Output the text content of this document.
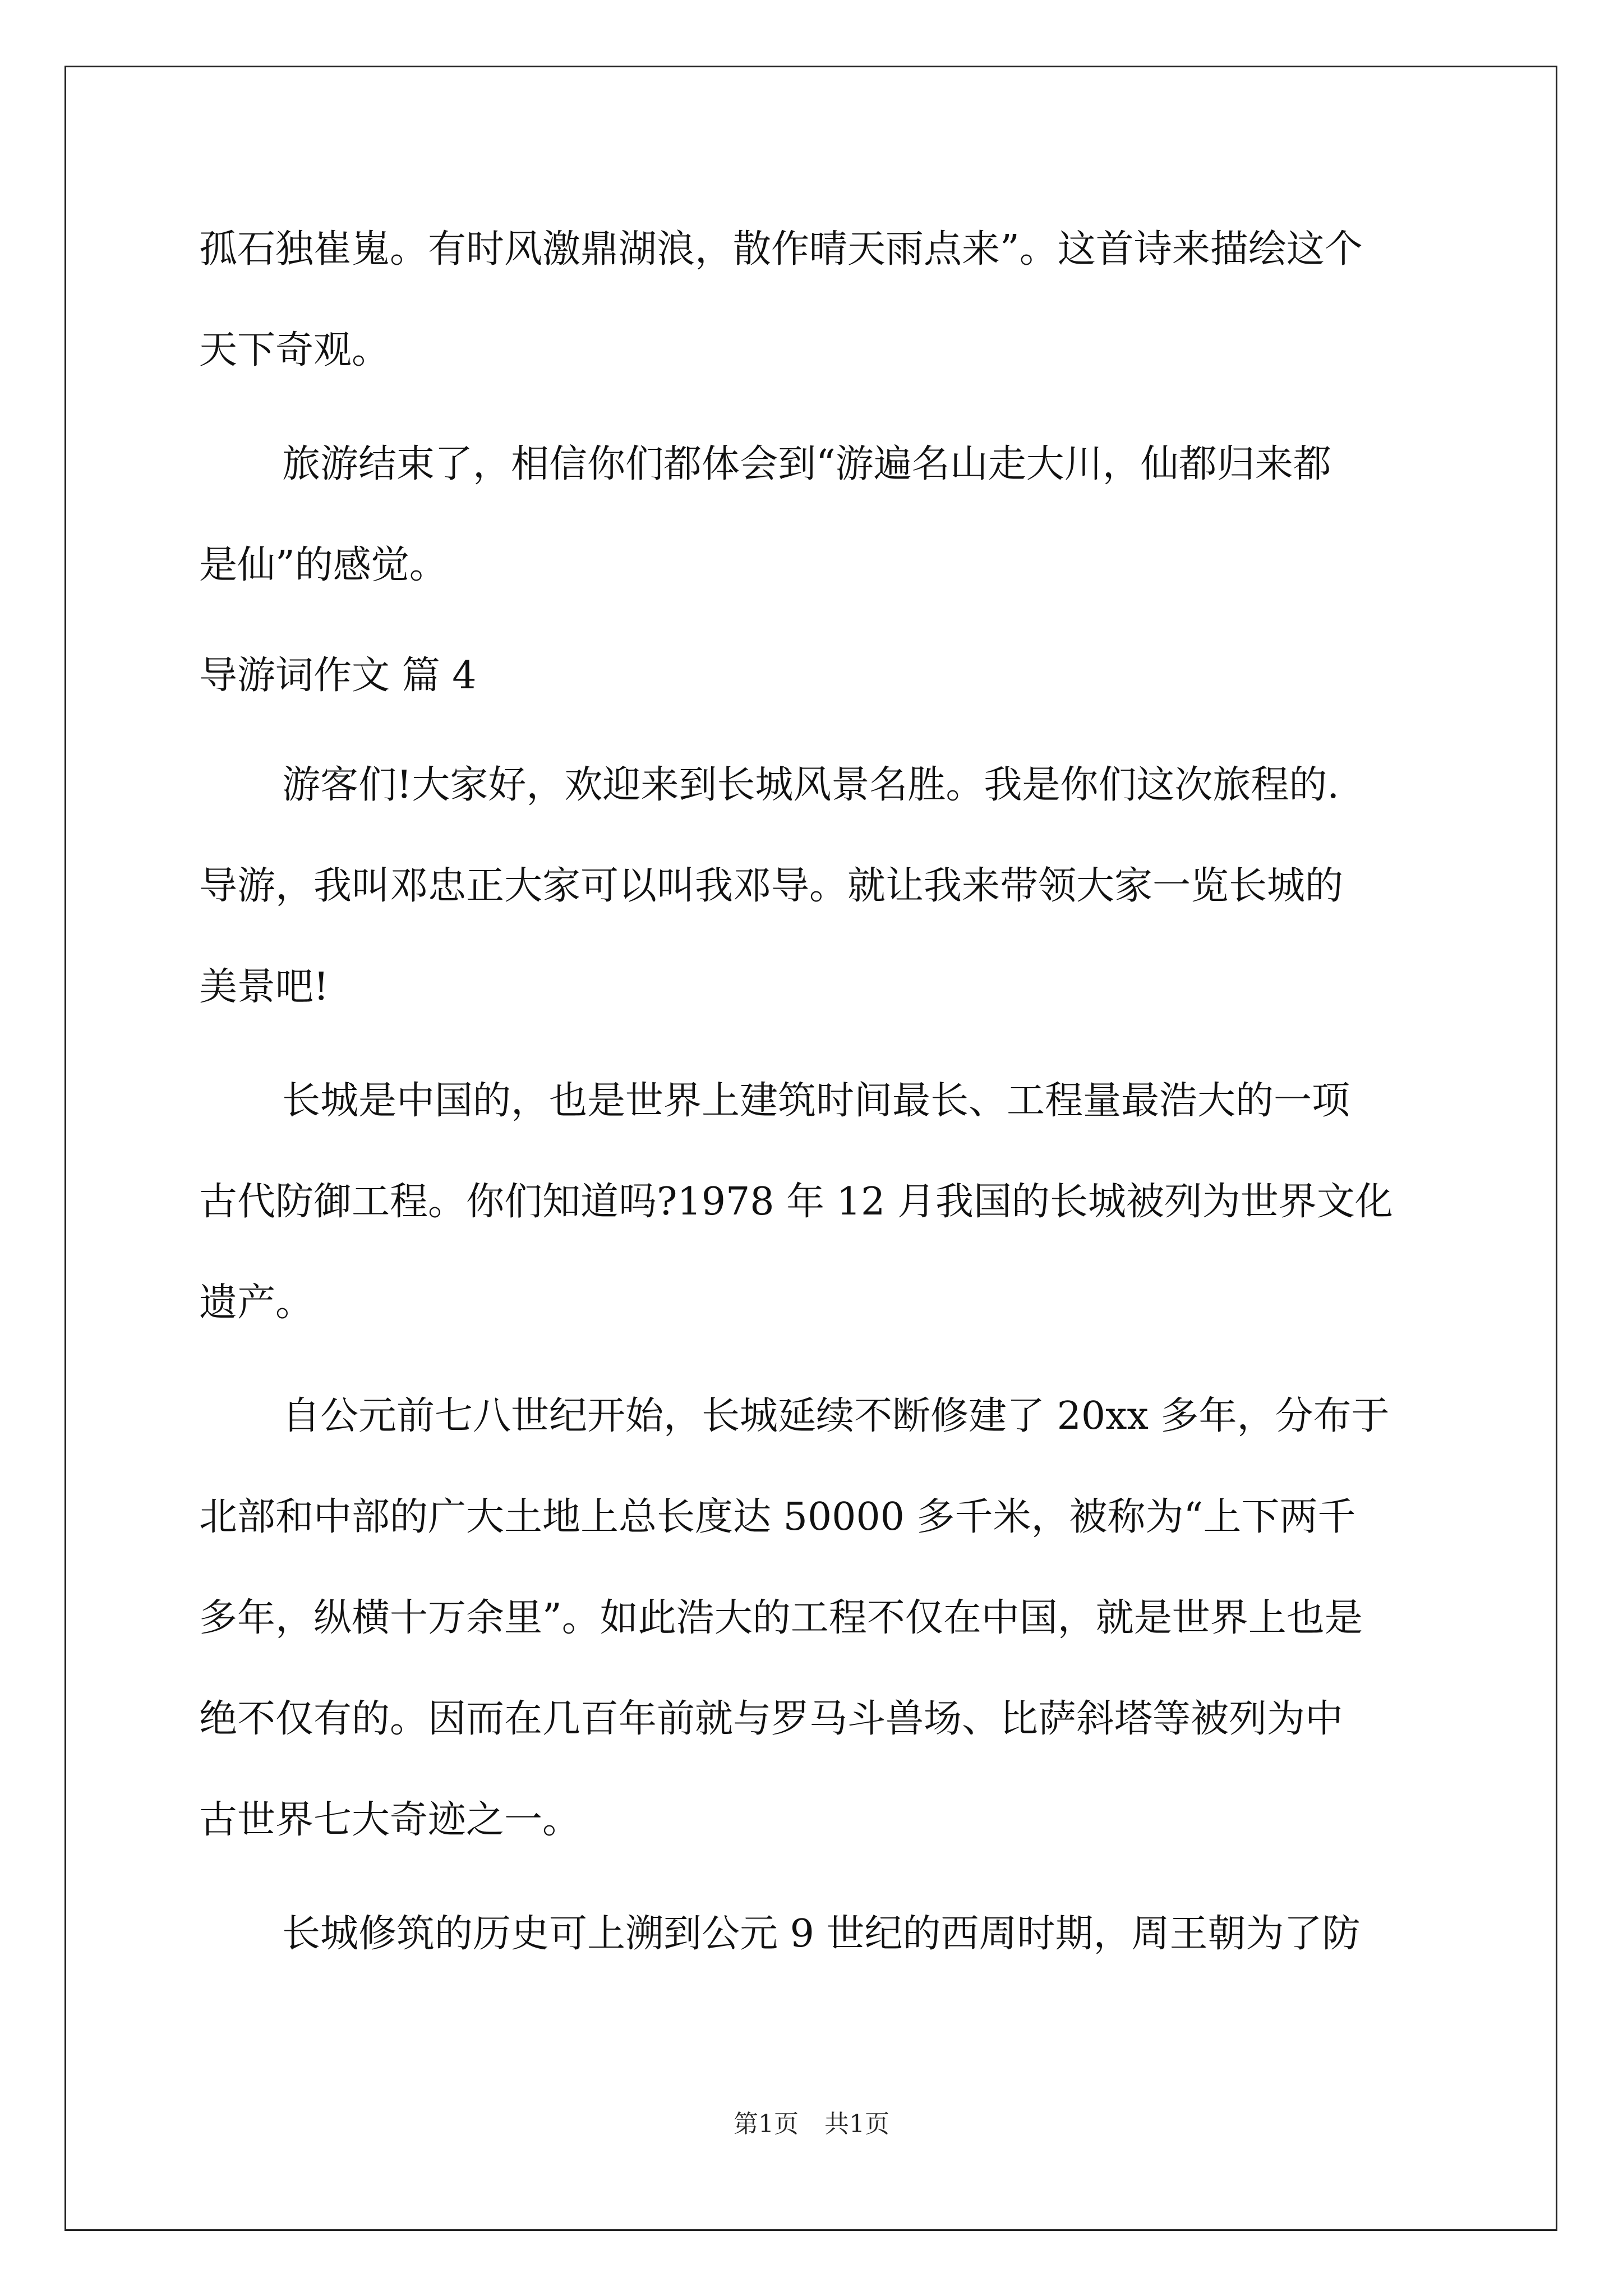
孤石独崔嵬。有时风激鼎湖浪，散作晴天雨点来”。这首诗来描绘这个
天下奇观。
旅游结束了，相信你们都体会到“游遍名山走大川，仙都归来都
是仙”的感觉。
导游词作文 篇 4
游客们!大家好，欢迎来到长城风景名胜。我是你们这次旅程的.
导游，我叫邓忠正大家可以叫我邓导。就让我来带领大家一览长城的
美景吧!
长城是中国的，也是世界上建筑时间最长、工程量最浩大的一项
古代防御工程。你们知道吗?1978 年 12 月我国的长城被列为世界文化
遗产。
自公元前七八世纪开始，长城延续不断修建了 20xx 多年，分布于
北部和中部的广大土地上总长度达 50000 多千米，被称为“上下两千
多年，纵横十万余里”。如此浩大的工程不仅在中国，就是世界上也是
绝不仅有的。因而在几百年前就与罗马斗兽场、比萨斜塔等被列为中
古世界七大奇迹之一。
长城修筑的历史可上溯到公元 9 世纪的西周时期，周王朝为了防
第1页 共1页
